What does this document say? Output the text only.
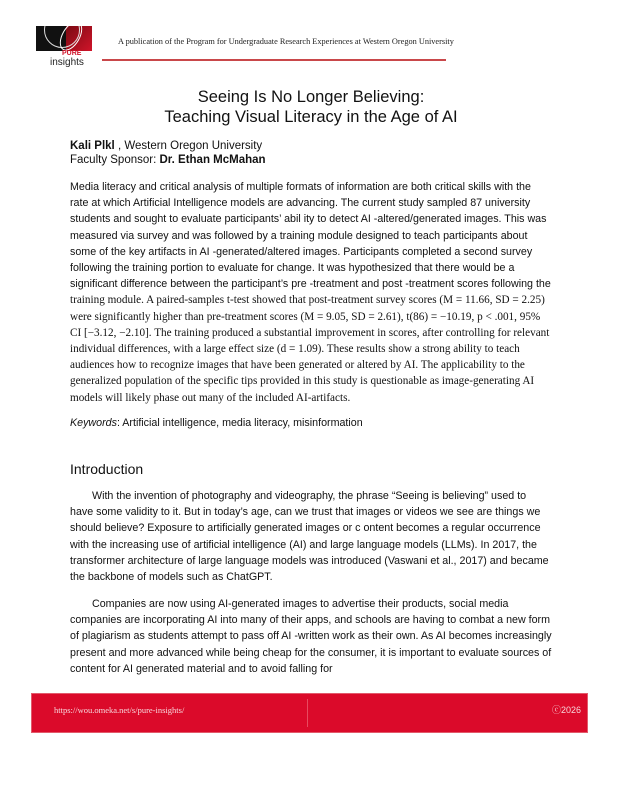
PURE
insights
A publication of the Program for Undergraduate Research Experiences at Western Oregon University
Seeing Is No Longer Believing:
Teaching Visual Literacy in the Age of AI
Kali Plkl , Western Oregon University
Faculty Sponsor: Dr. Ethan McMahan
Media literacy and critical analysis of multiple formats of information are both critical skills with the rate at which Artificial Intelligence models are advancing. The current study sampled 87 university students and sought to evaluate participants’ abil ity to detect AI -altered/generated images. This was measured via survey and was followed by a training module designed to teach participants about some of the key artifacts in AI -generated/altered images. Participants completed a second survey following the training portion to evaluate for change. It was hypothesized that there would be a significant difference between the participant’s pre -treatment and post -treatment scores following the training module. A paired-samples t-test showed that post-treatment survey scores (M = 11.66, SD = 2.25) were significantly higher than pre-treatment scores (M = 9.05, SD = 2.61), t(86) = −10.19, p < .001, 95% CI [−3.12, −2.10]. The training produced a substantial improvement in scores, after controlling for relevant individual differences, with a large effect size (d = 1.09). These results show a strong ability to teach audiences how to recognize images that have been generated or altered by AI. The applicability to the generalized population of the specific tips provided in this study is questionable as image-generating AI models will likely phase out many of the included AI-artifacts.
Keywords: Artificial intelligence, media literacy, misinformation
Introduction
With the invention of photography and videography, the phrase “Seeing is believing” used to have some validity to it. But in today’s age, can we trust that images or videos we see are things we should believe? Exposure to artificially generated images or c ontent becomes a regular occurrence with the increasing use of artificial intelligence (AI) and large language models (LLMs). In 2017, the transformer architecture of large language models was introduced (Vaswani et al., 2017) and became the backbone of models such as ChatGPT.
Companies are now using AI-generated images to advertise their products, social media companies are incorporating AI into many of their apps, and schools are having to combat a new form of plagiarism as students attempt to pass off AI -written work as their own. As AI becomes increasingly present and more advanced while being cheap for the consumer, it is important to evaluate sources of content for AI generated material and to avoid falling for
https://wou.omeka.net/s/pure-insights/	ⓒ2026
